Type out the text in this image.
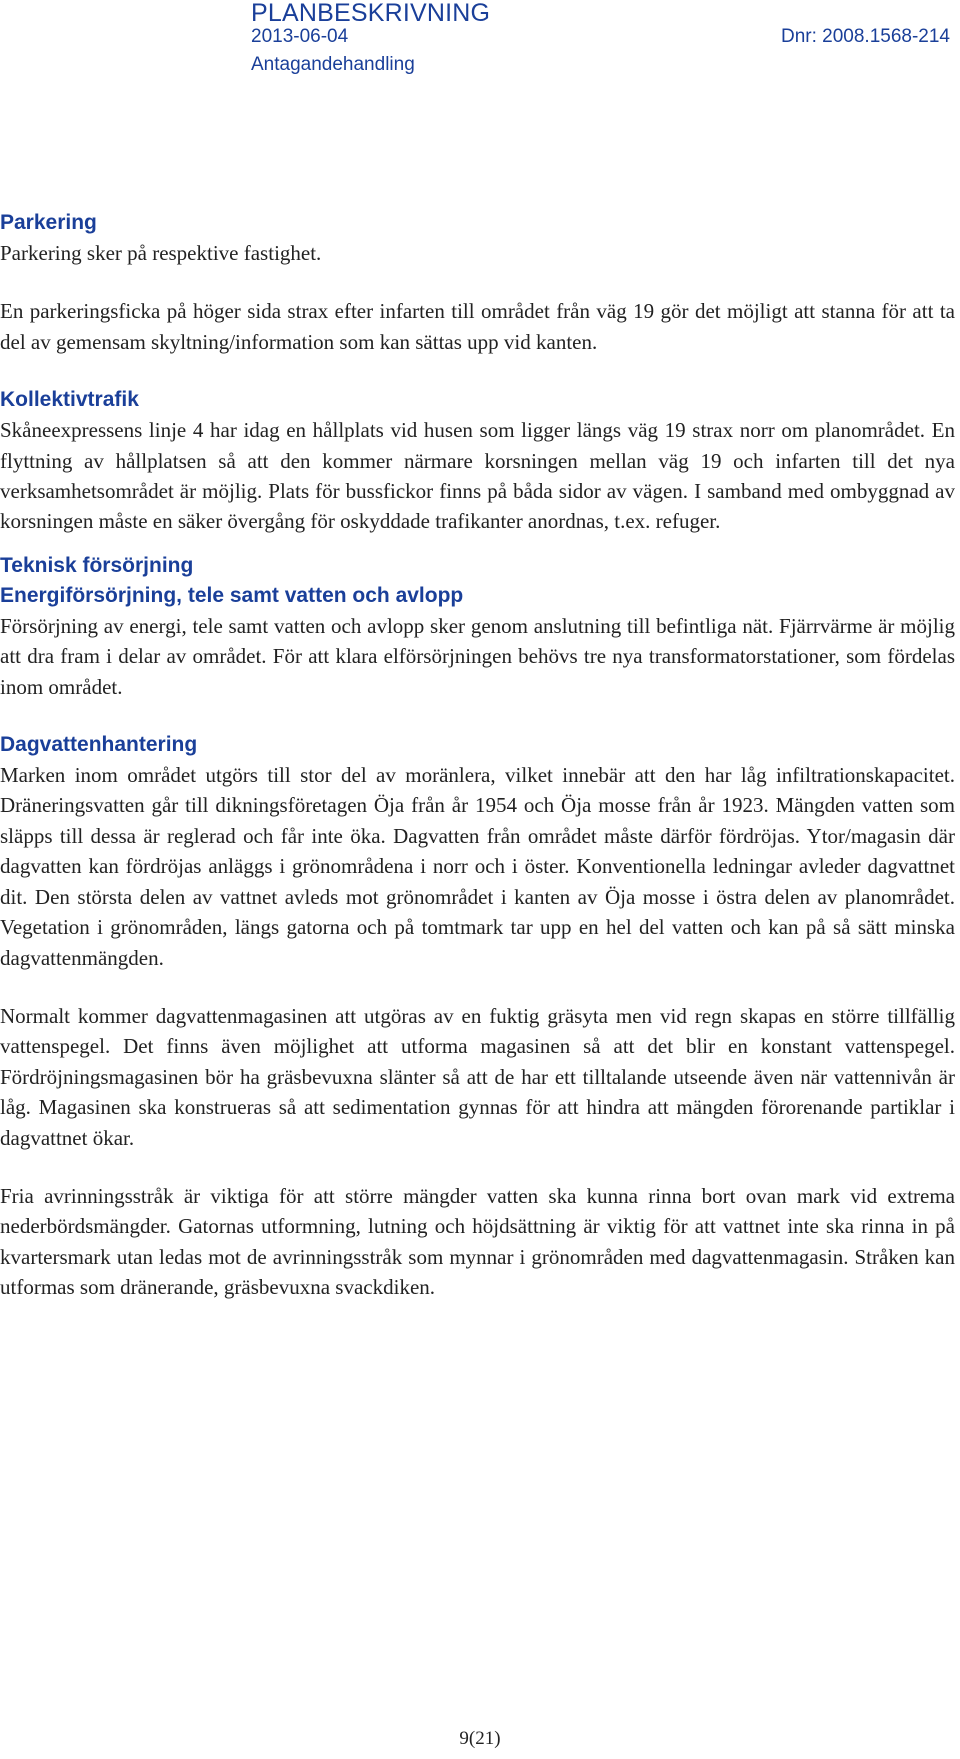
PLANBESKRIVNING
2013-06-04	Dnr: 2008.1568-214
Antagandehandling
Parkering

Parkering sker på respektive fastighet.

En parkeringsficka på höger sida strax efter infarten till området från väg 19 gör det möjligt att stanna för att ta del av gemensam skyltning/information som kan sättas upp vid kanten.

Kollektivtrafik

Skåneexpressens linje 4 har idag en hållplats vid husen som ligger längs väg 19 strax norr om planområdet. En flyttning av hållplatsen så att den kommer närmare korsningen mellan väg 19 och infarten till det nya verksamhetsområdet är möjlig. Plats för bussfickor finns på båda sidor av vägen. I samband med ombyggnad av korsningen måste en säker övergång för oskyddade trafikanter anordnas, t.ex. refuger.

Teknisk försörjning
Energiförsörjning, tele samt vatten och avlopp

Försörjning av energi, tele samt vatten och avlopp sker genom anslutning till befintliga nät. Fjärrvärme är möjlig att dra fram i delar av området. För att klara elförsörjningen behövs tre nya transformatorstationer, som fördelas inom området.

Dagvattenhantering

Marken inom området utgörs till stor del av moränlera, vilket innebär att den har låg infiltrationskapacitet. Dräneringsvatten går till dikningsföretagen Öja från år 1954 och Öja mosse från år 1923. Mängden vatten som släpps till dessa är reglerad och får inte öka. Dagvatten från området måste därför fördröjas. Ytor/magasin där dagvatten kan fördröjas anläggs i grönområdena i norr och i öster. Konventionella ledningar avleder dagvattnet dit. Den största delen av vattnet avleds mot grönområdet i kanten av Öja mosse i östra delen av planområdet. Vegetation i grönområden, längs gatorna och på tomtmark tar upp en hel del vatten och kan på så sätt minska dagvattenmängden.

Normalt kommer dagvattenmagasinen att utgöras av en fuktig gräsyta men vid regn skapas en större tillfällig vattenspegel. Det finns även möjlighet att utforma magasinen så att det blir en konstant vattenspegel. Fördröjningsmagasinen bör ha gräsbevuxna slänter så att de har ett tilltalande utseende även när vattennivån är låg. Magasinen ska konstrueras så att sedimentation gynnas för att hindra att mängden förorenande partiklar i dagvattnet ökar.

Fria avrinningsstråk är viktiga för att större mängder vatten ska kunna rinna bort ovan mark vid extrema nederbördsmängder. Gatornas utformning, lutning och höjdsättning är viktig för att vattnet inte ska rinna in på kvartersmark utan ledas mot de avrinningsstråk som mynnar i grönområden med dagvattenmagasin. Stråken kan utformas som dränerande, gräsbevuxna svackdiken.

9(21)
